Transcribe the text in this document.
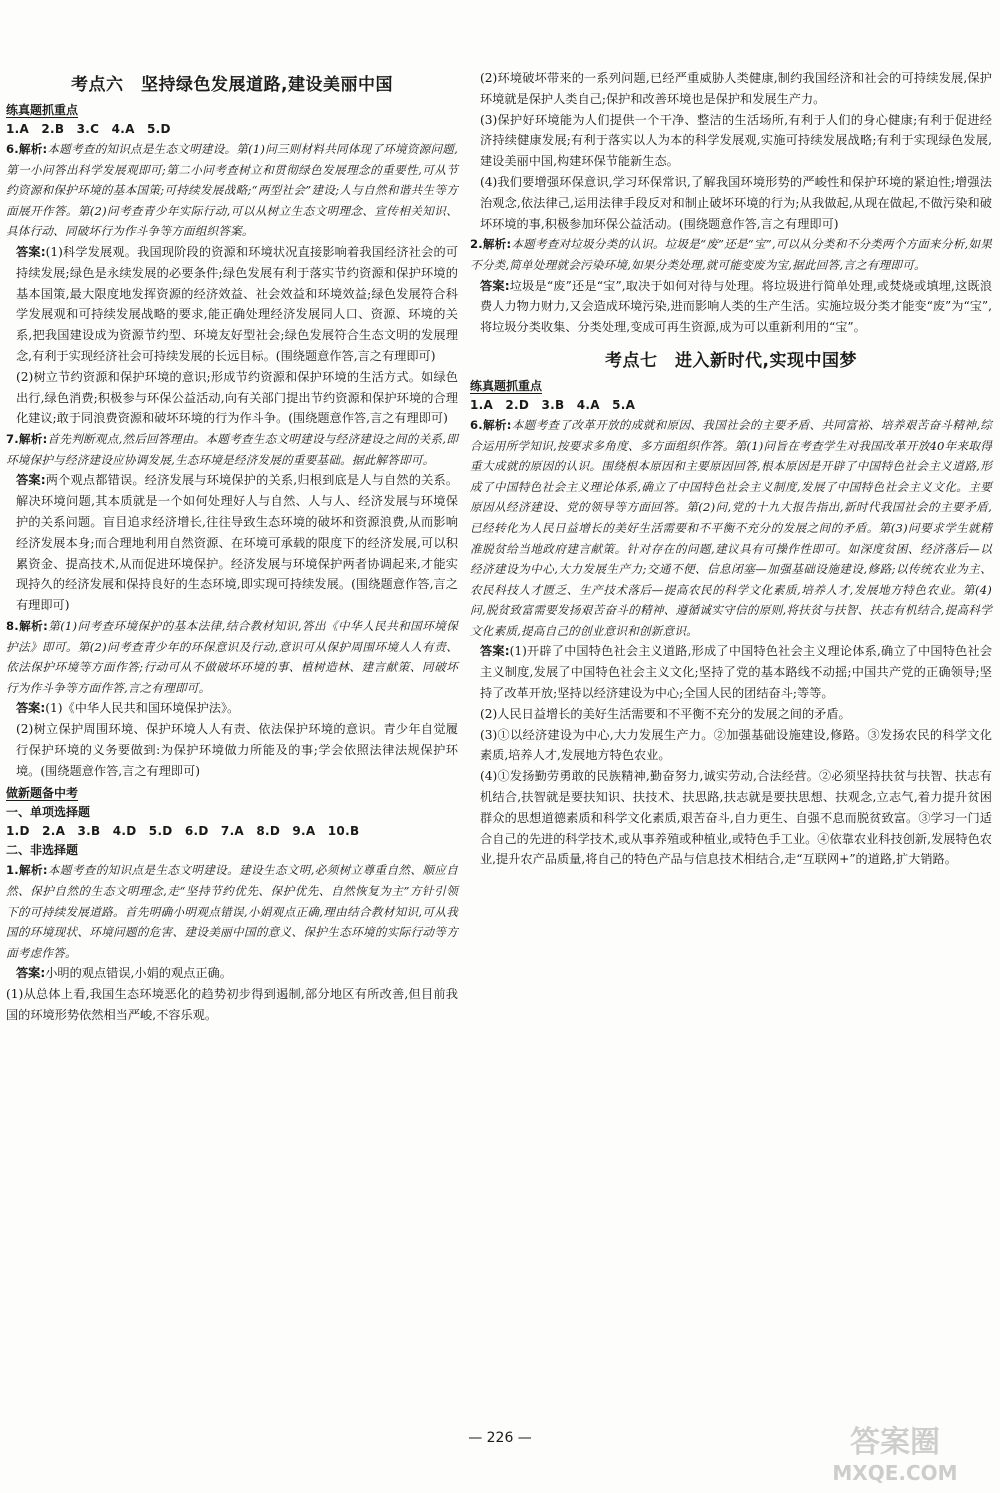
考点六　坚持绿色发展道路,建设美丽中国
练真题抓重点
1.A　2.B　3.C　4.A　5.D

6.解析:本题考查的知识点是生态文明建设。第(1)问三则材料共同体现了环境资源问题,第一小问答出科学发展观即可;第二小问考查树立和贯彻绿色发展理念的重要性,可从节约资源和保护环境的基本国策;可持续发展战略;“两型社会”建设;人与自然和谐共生等方面展开作答。第(2)问考查青少年实际行动,可以从树立生态文明理念、宣传相关知识、具体行动、同破坏行为作斗争等方面组织答案。

答案:(1)科学发展观。我国现阶段的资源和环境状况直接影响着我国经济社会的可持续发展;绿色是永续发展的必要条件;绿色发展有利于落实节约资源和保护环境的基本国策,最大限度地发挥资源的经济效益、社会效益和环境效益;绿色发展符合科学发展观和可持续发展战略的要求,能正确处理经济发展同人口、资源、环境的关系,把我国建设成为资源节约型、环境友好型社会;绿色发展符合生态文明的发展理念,有利于实现经济社会可持续发展的长远目标。(围绕题意作答,言之有理即可)

(2)树立节约资源和保护环境的意识;形成节约资源和保护环境的生活方式。如绿色出行,绿色消费;积极参与环保公益活动,向有关部门提出节约资源和保护环境的合理化建议;敢于同浪费资源和破坏环境的行为作斗争。(围绕题意作答,言之有理即可)

7.解析:首先判断观点,然后回答理由。本题考查生态文明建设与经济建设之间的关系,即环境保护与经济建设应协调发展,生态环境是经济发展的重要基础。据此解答即可。

答案:两个观点都错误。经济发展与环境保护的关系,归根到底是人与自然的关系。解决环境问题,其本质就是一个如何处理好人与自然、人与人、经济发展与环境保护的关系问题。盲目追求经济增长,往往导致生态环境的破坏和资源浪费,从而影响经济发展本身;而合理地利用自然资源、在环境可承载的限度下的经济发展,可以积累资金、提高技术,从而促进环境保护。经济发展与环境保护两者协调起来,才能实现持久的经济发展和保持良好的生态环境,即实现可持续发展。(围绕题意作答,言之有理即可)

8.解析:第(1)问考查环境保护的基本法律,结合教材知识,答出《中华人民共和国环境保护法》即可。第(2)问考查青少年的环保意识及行动,意识可从保护周围环境人人有责、依法保护环境等方面作答;行动可从不做破坏环境的事、植树造林、建言献策、同破坏行为作斗争等方面作答,言之有理即可。

答案:(1)《中华人民共和国环境保护法》。

(2)树立保护周围环境、保护环境人人有责、依法保护环境的意识。青少年自觉履行保护环境的义务要做到:为保护环境做力所能及的事;学会依照法律法规保护环境。(围绕题意作答,言之有理即可)

做新题备中考
一、单项选择题
1.D　2.A　3.B　4.D　5.D　6.D　7.A　8.D　9.A　10.B
二、非选择题

1.解析:本题考查的知识点是生态文明建设。建设生态文明,必须树立尊重自然、顺应自然、保护自然的生态文明理念,走“坚持节约优先、保护优先、自然恢复为主”方针引领下的可持续发展道路。首先明确小明观点错误,小娟观点正确,理由结合教材知识,可从我国的环境现状、环境问题的危害、建设美丽中国的意义、保护生态环境的实际行动等方面考虑作答。

答案:小明的观点错误,小娟的观点正确。

(1)从总体上看,我国生态环境恶化的趋势初步得到遏制,部分地区有所改善,但目前我国的环境形势依然相当严峻,不容乐观。

(2)环境破坏带来的一系列问题,已经严重威胁人类健康,制约我国经济和社会的可持续发展,保护环境就是保护人类自己;保护和改善环境也是保护和发展生产力。

(3)保护好环境能为人们提供一个干净、整洁的生活场所,有利于人们的身心健康;有利于促进经济持续健康发展;有利于落实以人为本的科学发展观,实施可持续发展战略;有利于实现绿色发展,建设美丽中国,构建环保节能新生态。

(4)我们要增强环保意识,学习环保常识,了解我国环境形势的严峻性和保护环境的紧迫性;增强法治观念,依法律己,运用法律手段反对和制止破坏环境的行为;从我做起,从现在做起,不做污染和破坏环境的事,积极参加环保公益活动。(围绕题意作答,言之有理即可)

2.解析:本题考查对垃圾分类的认识。垃圾是“废”还是“宝”,可以从分类和不分类两个方面来分析,如果不分类,简单处理就会污染环境,如果分类处理,就可能变废为宝,据此回答,言之有理即可。

答案:垃圾是“废”还是“宝”,取决于如何对待与处理。将垃圾进行简单处理,或焚烧或填埋,这既浪费人力物力财力,又会造成环境污染,进而影响人类的生产生活。实施垃圾分类才能变“废”为“宝”,将垃圾分类收集、分类处理,变成可再生资源,成为可以重新利用的“宝”。

考点七　进入新时代,实现中国梦
练真题抓重点
1.A　2.D　3.B　4.A　5.A

6.解析:本题考查了改革开放的成就和原因、我国社会的主要矛盾、共同富裕、培养艰苦奋斗精神,综合运用所学知识,按要求多角度、多方面组织作答。第(1)问旨在考查学生对我国改革开放40年来取得重大成就的原因的认识。围绕根本原因和主要原因回答,根本原因是开辟了中国特色社会主义道路,形成了中国特色社会主义理论体系,确立了中国特色社会主义制度,发展了中国特色社会主义文化。主要原因从经济建设、党的领导等方面回答。第(2)问,党的十九大报告指出,新时代我国社会的主要矛盾,已经转化为人民日益增长的美好生活需要和不平衡不充分的发展之间的矛盾。第(3)问要求学生就精准脱贫给当地政府建言献策。针对存在的问题,建议具有可操作性即可。如深度贫困、经济落后—以经济建设为中心,大力发展生产力;交通不便、信息闭塞—加强基础设施建设,修路;以传统农业为主、农民科技人才匮乏、生产技术落后—提高农民的科学文化素质,培养人才,发展地方特色农业。第(4)问,脱贫致富需要发扬艰苦奋斗的精神、遵循诚实守信的原则,将扶贫与扶智、扶志有机结合,提高科学文化素质,提高自己的创业意识和创新意识。

答案:(1)开辟了中国特色社会主义道路,形成了中国特色社会主义理论体系,确立了中国特色社会主义制度,发展了中国特色社会主义文化;坚持了党的基本路线不动摇;中国共产党的正确领导;坚持了改革开放;坚持以经济建设为中心;全国人民的团结奋斗;等等。

(2)人民日益增长的美好生活需要和不平衡不充分的发展之间的矛盾。

(3)①以经济建设为中心,大力发展生产力。②加强基础设施建设,修路。③发扬农民的科学文化素质,培养人才,发展地方特色农业。

(4)①发扬勤劳勇敢的民族精神,勤奋努力,诚实劳动,合法经营。②必须坚持扶贫与扶智、扶志有机结合,扶智就是要扶知识、扶技术、扶思路,扶志就是要扶思想、扶观念,立志气,着力提升贫困群众的思想道德素质和科学文化素质,艰苦奋斗,自力更生、自强不息而脱贫致富。③学习一门适合自己的先进的科学技术,或从事养殖或种植业,或特色手工业。④依靠农业科技创新,发展特色农业,提升农产品质量,将自己的特色产品与信息技术相结合,走“互联网+”的道路,扩大销路。

— 226 —	答案圈
MXQE.COM
